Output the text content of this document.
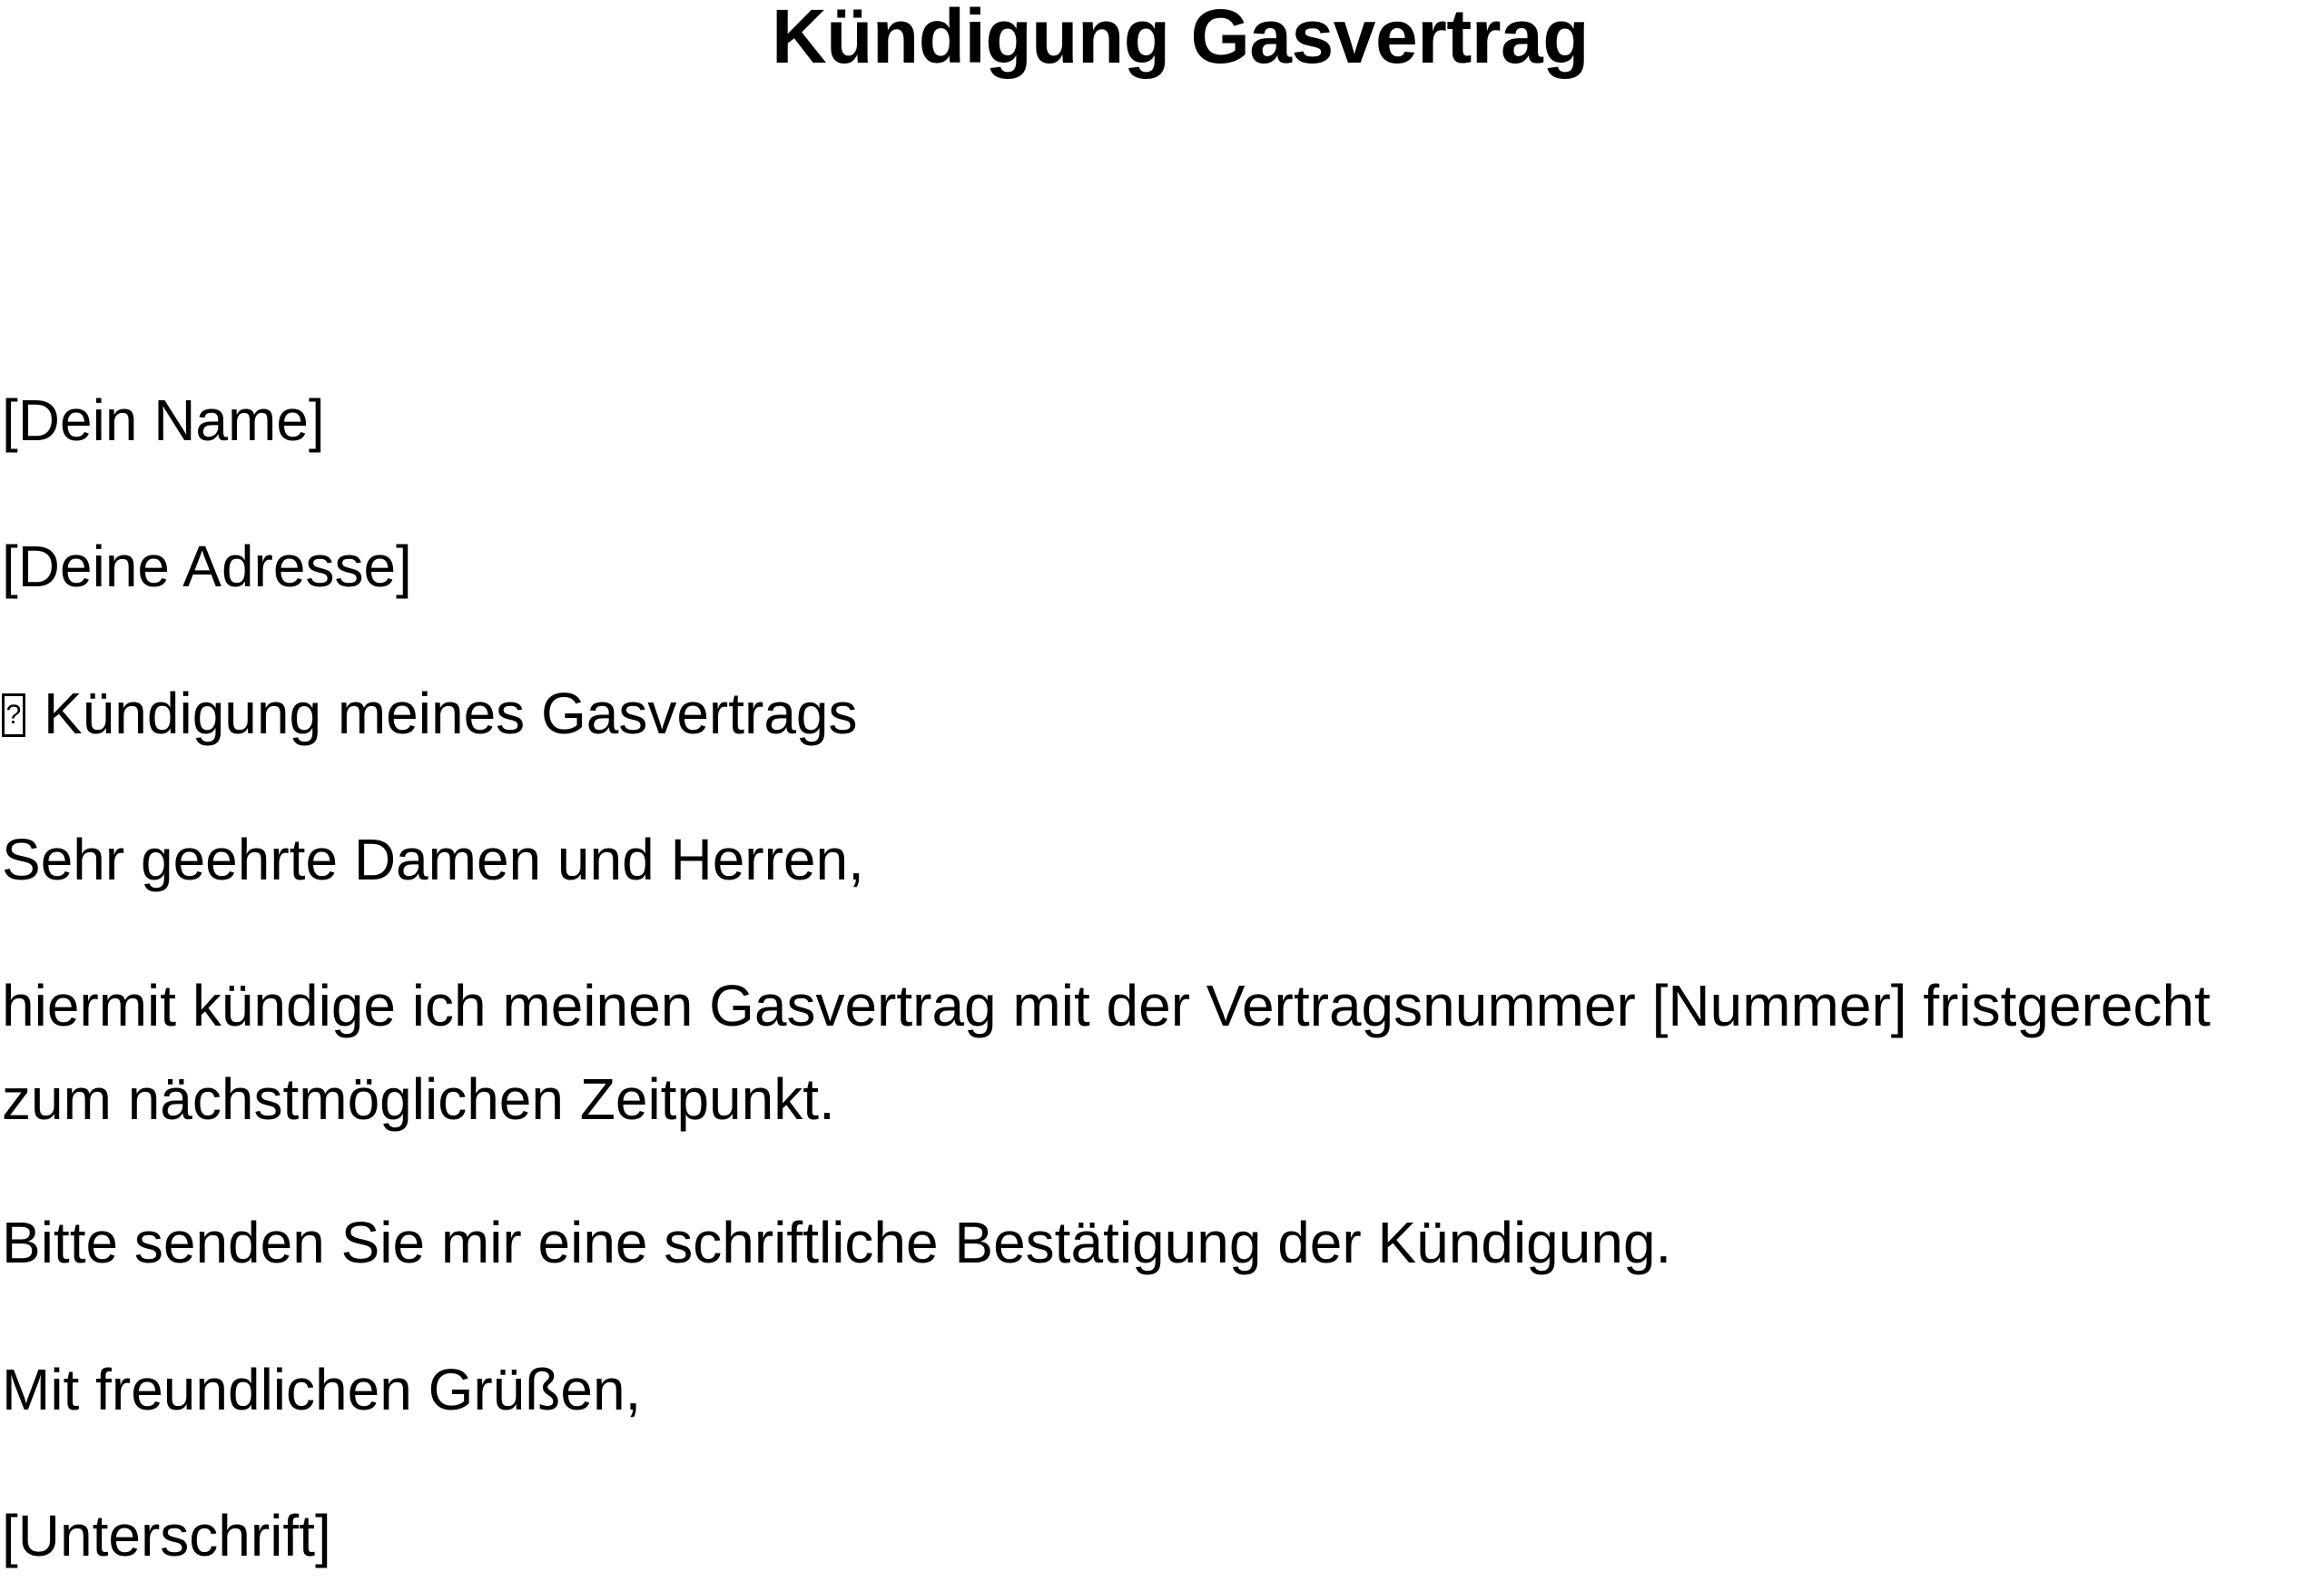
Kündigung Gasvertrag
[Dein Name]
[Deine Adresse]
?Kündigung meines Gasvertrags
Sehr geehrte Damen und Herren,
hiermit kündige ich meinen Gasvertrag mit der Vertragsnummer [Nummer] fristgerecht
zum nächstmöglichen Zeitpunkt.
Bitte senden Sie mir eine schriftliche Bestätigung der Kündigung.
Mit freundlichen Grüßen,
[Unterschrift]
